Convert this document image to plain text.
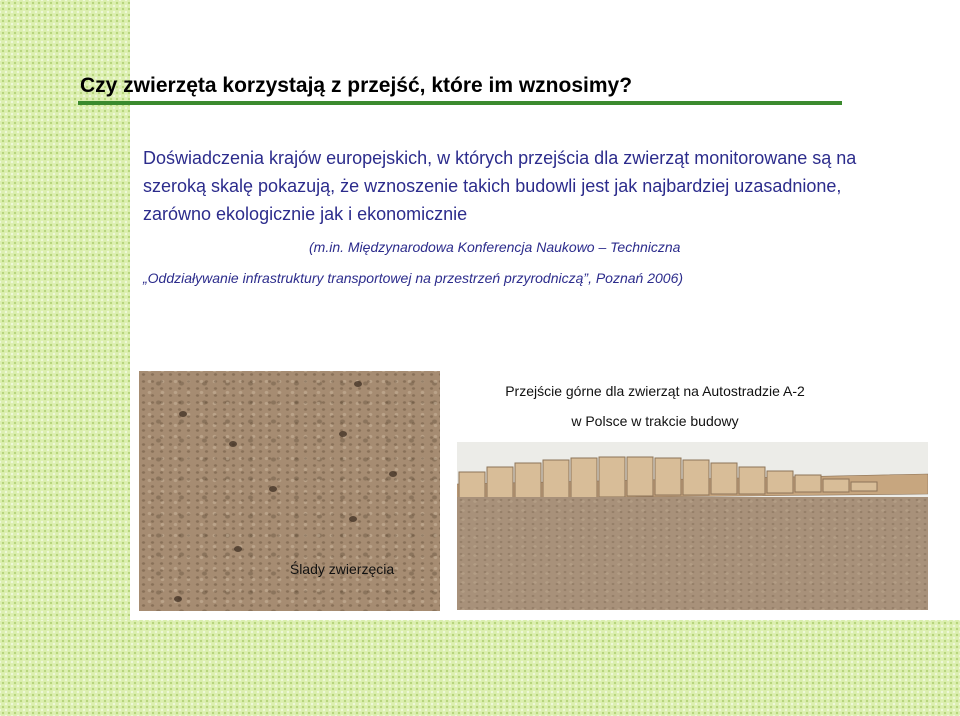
Czy zwierzęta korzystają z przejść, które im wznosimy?

Doświadczenia krajów europejskich, w których przejścia dla zwierząt monitorowane są na szeroką skalę pokazują, że wznoszenie takich budowli jest jak najbardziej uzasadnione, zarówno ekologicznie jak i ekonomicznie

(m.in. Międzynarodowa Konferencja Naukowo – Techniczna
„Oddziaływanie infrastruktury transportowej na przestrzeń przyrodniczą”, Poznań 2006)
Ślady zwierzęcia
Przejście górne dla zwierząt na Autostradzie A-2
w Polsce w trakcie budowy
